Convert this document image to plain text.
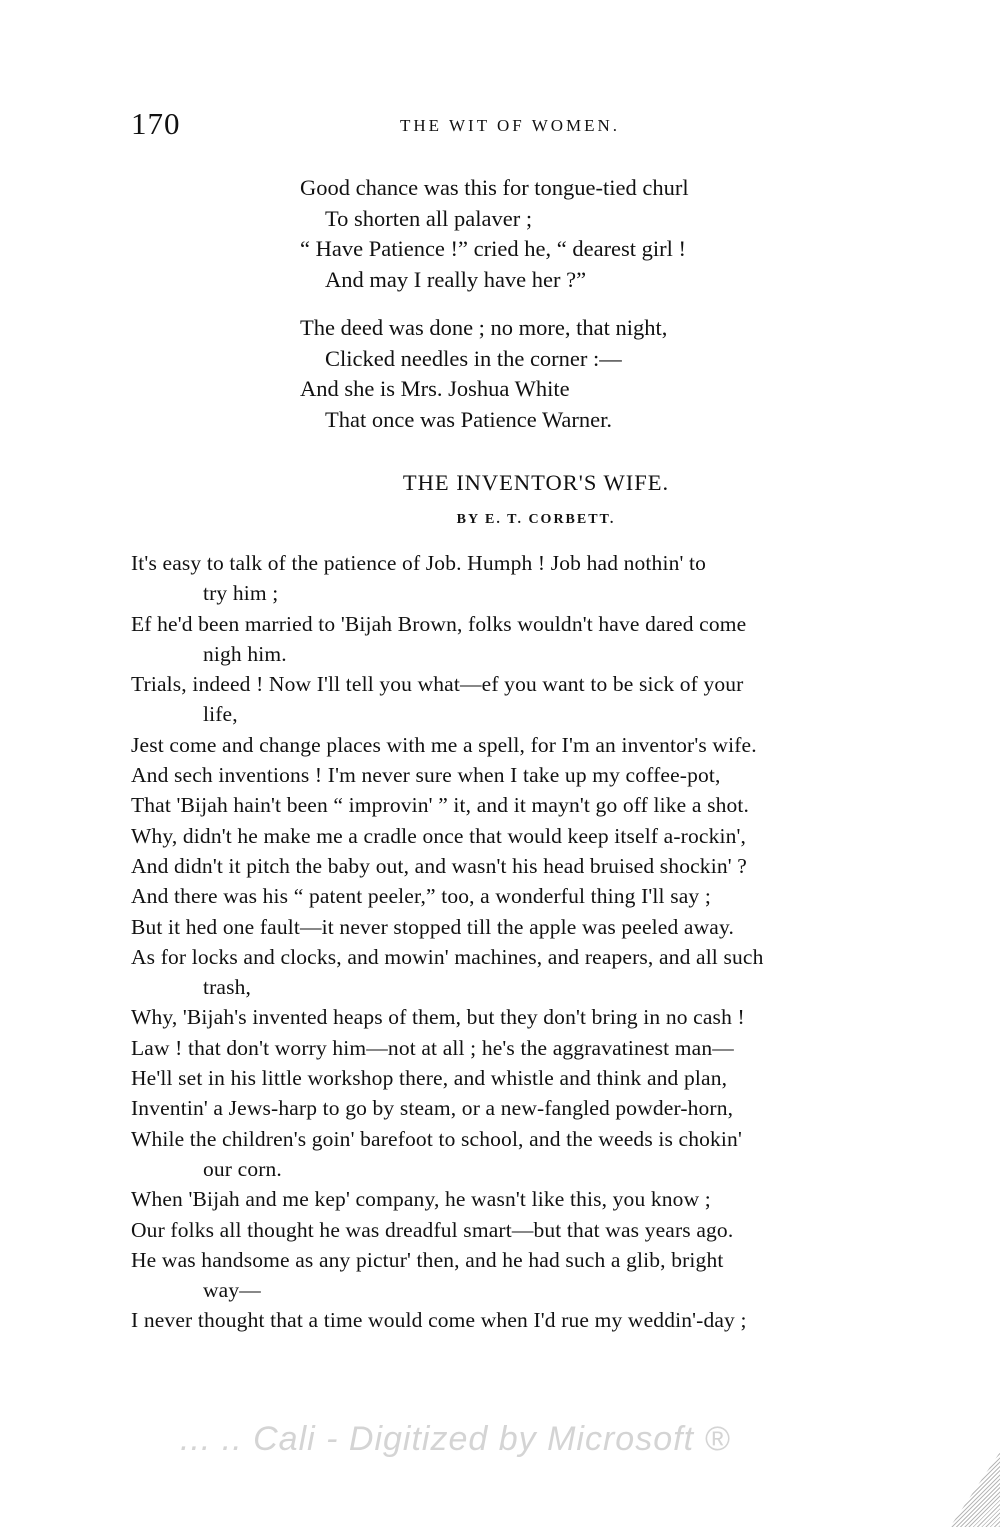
170	THE WIT OF WOMEN.
Good chance was this for tongue-tied churl
To shorten all palaver ;
“ Have Patience !” cried he, “ dearest girl !
And may I really have her ?”
The deed was done ; no more, that night,
Clicked needles in the corner :—
And she is Mrs. Joshua White
That once was Patience Warner.
THE INVENTOR'S WIFE.
BY E. T. CORBETT.
It's easy to talk of the patience of Job. Humph ! Job had nothin' to
try him ;
Ef he'd been married to 'Bijah Brown, folks wouldn't have dared come
nigh him.
Trials, indeed ! Now I'll tell you what—ef you want to be sick of your
life,
Jest come and change places with me a spell, for I'm an inventor's wife.
And sech inventions ! I'm never sure when I take up my coffee-pot,
That 'Bijah hain't been “ improvin' ” it, and it mayn't go off like a shot.
Why, didn't he make me a cradle once that would keep itself a-rockin',
And didn't it pitch the baby out, and wasn't his head bruised shockin' ?
And there was his “ patent peeler,” too, a wonderful thing I'll say ;
But it hed one fault—it never stopped till the apple was peeled away.
As for locks and clocks, and mowin' machines, and reapers, and all such
trash,
Why, 'Bijah's invented heaps of them, but they don't bring in no cash !
Law ! that don't worry him—not at all ; he's the aggravatinest man—
He'll set in his little workshop there, and whistle and think and plan,
Inventin' a Jews-harp to go by steam, or a new-fangled powder-horn,
While the children's goin' barefoot to school, and the weeds is chokin'
our corn.
When 'Bijah and me kep' company, he wasn't like this, you know ;
Our folks all thought he was dreadful smart—but that was years ago.
He was handsome as any pictur' then, and he had such a glib, bright
way—
I never thought that a time would come when I'd rue my weddin'-day ;
... .. Cali - Digitized by Microsoft ®
